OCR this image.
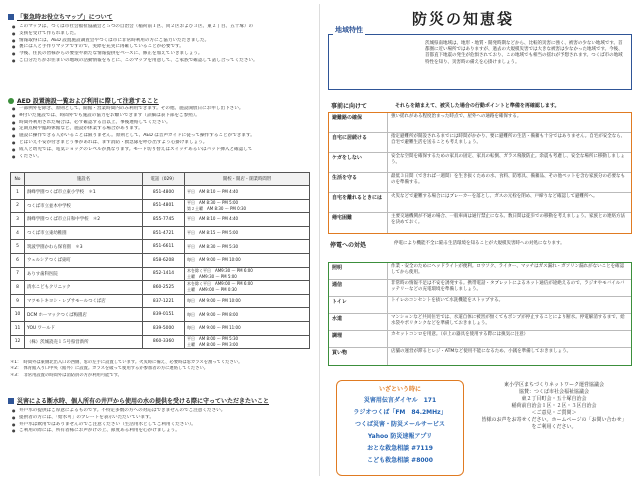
「緊急時お役立ちマップ」について
● このマップは、つくば市社会福祉協議会と５つの自治会（稲荷前１区、同２区および３区、東２丁目、五十塚）の
● 支援を受けて作られました。
● 情報取得には、AED 設置施設調査会やつくば市に非常時利用の方にご協力いただきました。
● 裏には人と手作りマップですので、実際を充実に再確していることが必要です。
● 今後、住民の皆様からの要望や新たな情報提供をベースに、修正を加えていきましょう。
● ご自分たちがお住まいの地域の活動情報をもとに、このマップを用意して、ご家族で確認して話し合ってください。
AED 設置施設一覧および利用に際して注意すること
● 一部例外を除き、原則として、開館・営業時間内のみ利用できます。その他、施設開放日にお申し出下さい。
● ※付いた施設では、時間外でも施設の協力をお願いできます（詳細は表下部をご参照）。
● 時間外利用された場合は、必ず確認する旨以上、事後連絡してください。
● 定期点検や臨時休館など、施設が休業する場合があります。
● 施設に操作できる人がいることは限りません。原則として、AED は音声ガイドに従って操作することができます。
● とはいえ不安が付きまとう事があれば、まず消防・救急隊を呼び出すよう心掛けましょう。
● 成人と幼児では、電気ショックのレベルが異なります。モード切り替えはスイッチあるいはパッド挿入と確認して
● ください。
No	施設名	電話（029）	開校・開店・開業時間帯
1	洞峰学園つくば市立東小学校　＊1	851-4800	平日　AM 8:10 ～ PM 4:40
2	つくば市立並木中学校	851-4801	平日　AM 8:30 ～ PM 5:00
第２土曜　AM 8:30 ～ PM 0:30
3	洞峰学園つくば市立日和中学校　＊2	855-7745	平日　AM 8:10 ～ PM 4:40
4	つくば市立東幼稚園	851-4721	平日　AM 8:15 ～ PM 5:00
5	筑波学園かわら保育園　＊3	851-6611	平日　AM 8:30 ～ PM 5:30
6	ウェルシアつくば東町	858-6208	毎日　AM 9:00 ～ PM 10:00
7	ありす歯科医院	852-1414	木を除く平日　AM9:30 ～ PM 6:00
土曜　AM9:30 ～ PM 5:00
8	清水こどもクリニック	860-2525	木を除く平日　AM9:00 ～ PM 6:00
土曜　AM9:00 ～ PM 0:30
9	マツモトキヨシ・レプサモールつくば店	837-1221	毎日　AM 9:00 ～ PM 10:00
10	DCM ホーマックつくば梅園店	839-0151	毎日　AM 9:00 ～ PM 8:00
11	YOU ワールド	839-5000	毎日　AM 9:00 ～ PM 11:00
12	（株）茨城読売１５号県営新所	860-3360	平日　AM 8:00 ～ PM 5:30
土曜　AM 8:00 ～ PM 3:00
＊1：　時間外は東側北出入口の西側、窓の左手に設置しています。火災時に備え、必要時は窓ガラスを割ってください。
＊2：　体育館入り口中央（館外）に設置。ガラスを破って使用するか参加者の方に連絡してください。
＊3：　非常用設置の時間外は消防員の方が利用可能です。
災害による断水時、個人所有の井戸から使用の水の提供を受ける際に守っていただきたいこと
● 井戸水の提供はご厚意によるものです。不特定多数の方への対応はできませんのでご注意ください。
● 提供者の方には、「給水可」のプレートを表示いただいています。
● 井戸水は飲用ではありませんのでご注意ください（生活用水としてご利用ください）。
● ご利用の際には、所有者様にお声がけの上、節度ある利用を心がけましょう。
防災の知恵袋
地域特性
茨城県南地域は、地形・地質・開発時期などから、比較的災害に強く、被害の少ない地域です。首都圏に近い場所ではありますが、過去の大規模災害では大きな被害は少なかった地域です。今後、首都直下地震の発生が危惧されており、この地域でも相当の揺れが予想されます。つくば市の地域特性を知り、災害時の備えを心掛けましょう。
事前に向けて	それらを踏まえて、被災した場合の行動ポイントと準備を再確認します。
避難路の確保	強い揺れがある程度治まった時点で、屋外への通路を確保する。
自宅に居続ける	指定避難所が開設されるまでには時間がかかり、要に避難所の生活・備蓄も十分ではありません。自宅が安全なら、自宅で避難生活を送ることも考えましょう。
ケガをしない	安全な空間を確保するための家具の固定、家具の転倒、ガラス飛散防止。余震も考慮し、安全な場所に移動しましょう。
生活を守る	最低３日間（できれば一週間）を生き抜くための水、食料、防寒具、備蓄品、その他ペットを含む家族分の必要なものを準備する。
自宅を離れるときには	火災などで避難する場合にはブレーカーを落とし、ガスの元栓を閉め、戸締りなど確認して避難所へ。
帰宅困難	主要交通機関が不通の場合、一般車両は通行禁止になる。数日間は徒歩での移動を考えましょう。家族との連絡方法を決めておく。
停電への対処	停電により機能不全に陥る生活環境を知ることが大規模災害時への対処になります。
照明	作業・安全のためにヘッドライトが便利。ロウソク、ライター、マッチはガス漏れ・ガソリン漏れがないことを確認してから使用。
通信	非常時の情報不足は不安を誘発する。携帯電話・タブレットによるネット通信が途絶えるので、ラジオやモバイルバッテリーなどの充電環境を準備しましょう。
トイレ	トイレのコンセントを抜いて水洗機能をストップする。
水道	マンションなど共同住宅では、水道自体に被害が無くてもポンプが停止することにより断水。停電解消するまで、給水袋やポリタンクなどを準備しておきましょう。
調理	カセットコンロを用意。（卓上の器具を使用する際には換気に注意）
買い物	店舗の運営が滞るとレジ・ATMなど使用不能になるため、小銭を準備しておきましょう。
いざという時に
災害用伝言ダイヤル　171
ラジオつくば「FM　84.2MHz」
つくば災害・防災メールサービス
Yahoo 防災速報アプリ
おとな救急相談 #7119
こども救急相談 #8000
東小学区まちづくりネットワーク運営協議会
協賛：つくば市社会福祉協議会
東２丁目町会・五十塚自治会
稲荷前自治会１区・２区・３区自治会
＜ご意見・ご質問＞
皆様のお声をお寄せください。ホームページの「お問い合わせ」をご利用ください。
